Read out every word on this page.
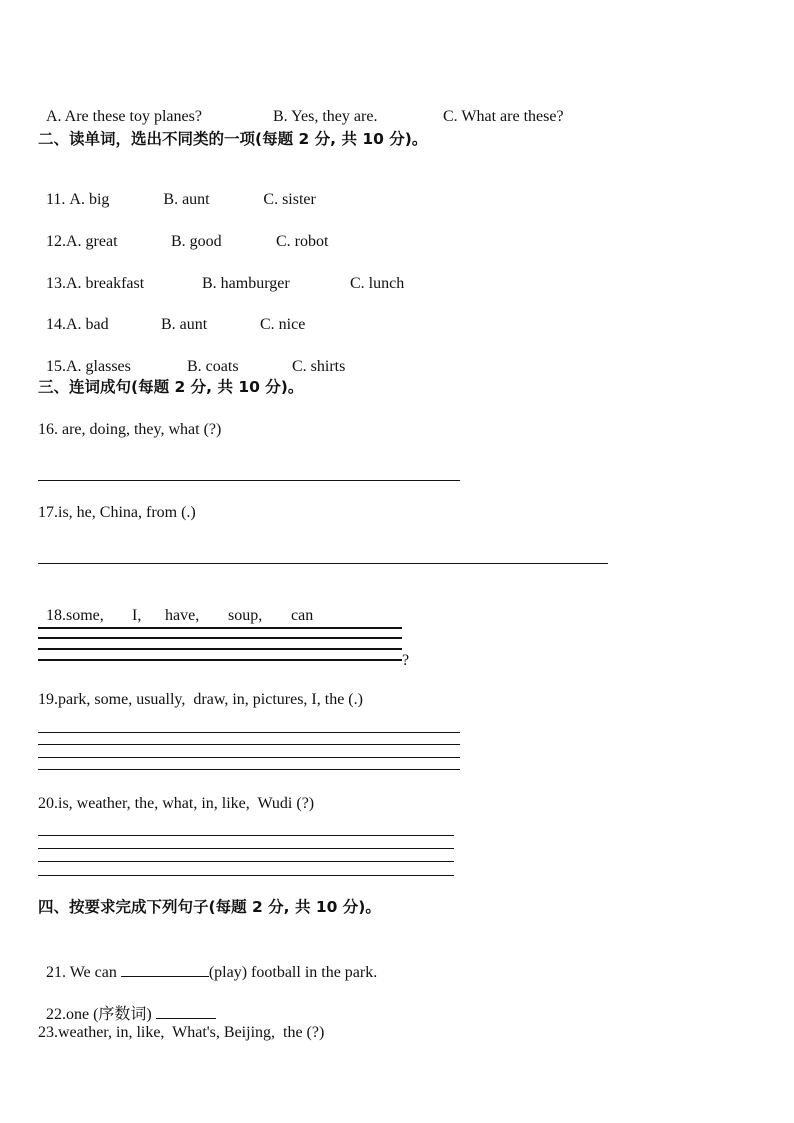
A. Are these toy planes?	B. Yes, they are.	C. What are these?

二、读单词，选出不同类的一项(每题 2 分, 共 10 分)。

11. A. big	B. aunt	C. sister

12.A. great	B. good	C. robot

13.A. breakfast	B. hamburger	C. lunch

14.A. bad	B. aunt	C. nice

15.A. glasses	B. coats	C. shirts

三、连词成句(每题 2 分, 共 10 分)。
16. are, doing, they, what (?)
17.is, he, China, from (.)

18.some, I, have, soup, can

?
19.park, some, usually,  draw, in, pictures, I, the (.)
20.is, weather, the, what, in, like,  Wudi (?)
四、按要求完成下列句子(每题 2 分, 共 10 分)。

21. We can	(play) football in the park.

22.one (序数词)

23.weather, in, like,  What's, Beijing,  the (?)
